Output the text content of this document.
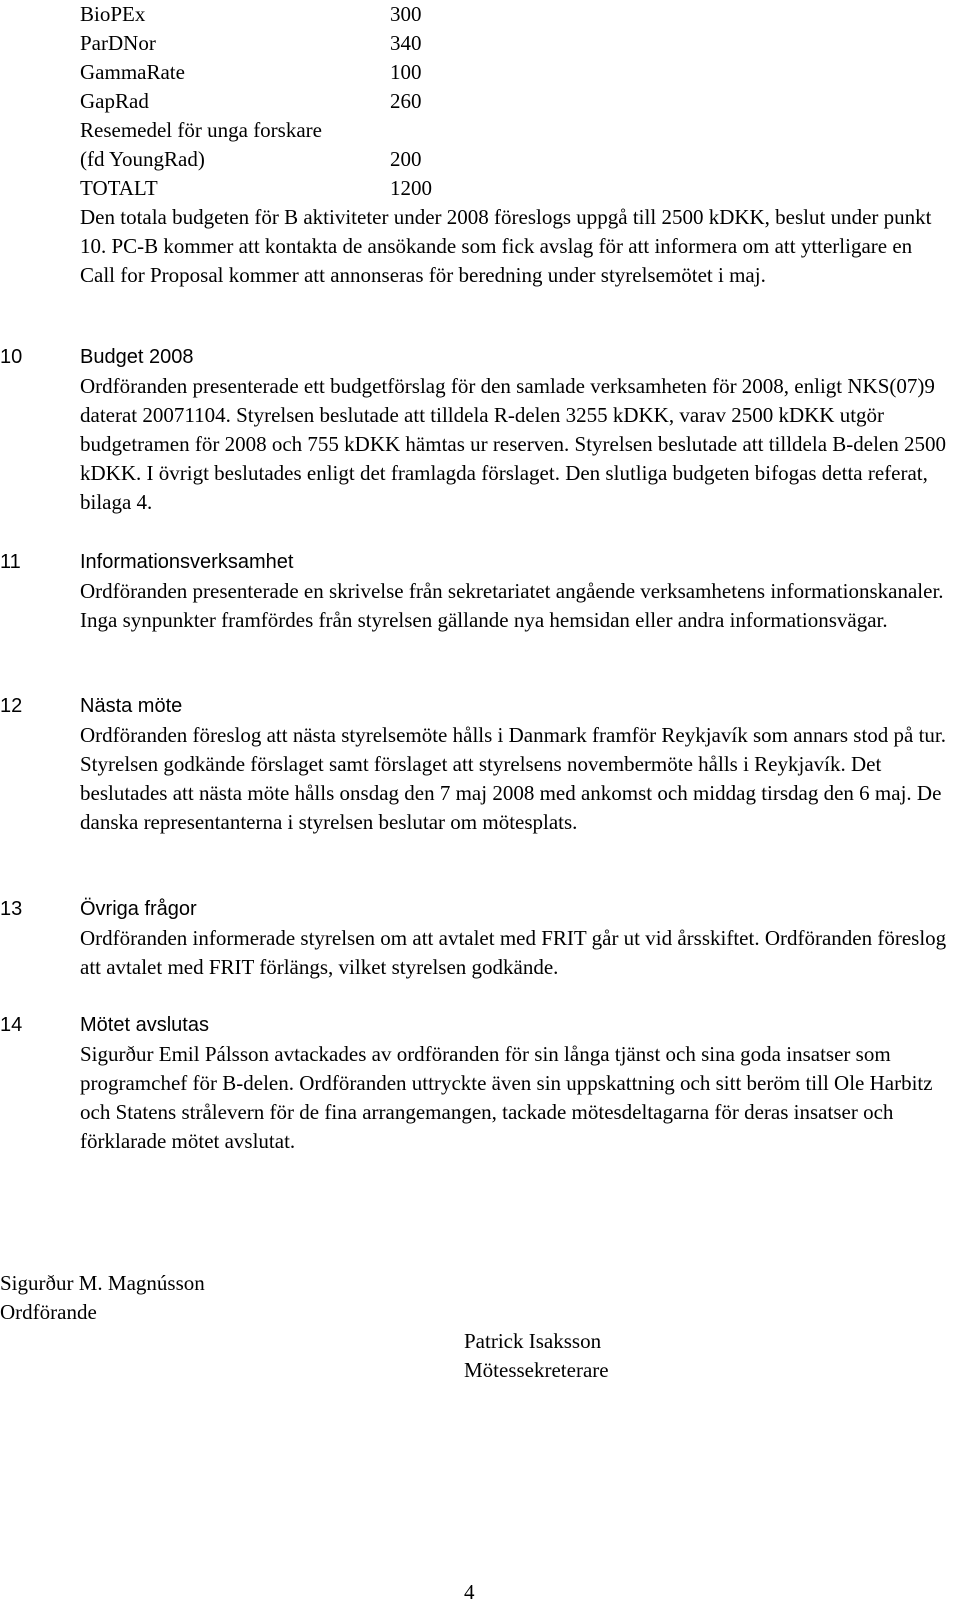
BioPEx	300
ParDNor	340
GammaRate	100
GapRad	260
Resemedel för unga forskare
(fd YoungRad)	200
TOTALT	1200

Den totala budgeten för B aktiviteter under 2008 föreslogs uppgå till 2500 kDKK, beslut under punkt 10. PC-B kommer att kontakta de ansökande som fick avslag för att informera om att ytterligare en Call for Proposal kommer att annonseras för beredning under styrelsemötet i maj.

10	Budget 2008

Ordföranden presenterade ett budgetförslag för den samlade verksamheten för 2008, enligt NKS(07)9 daterat 20071104. Styrelsen beslutade att tilldela R-delen 3255 kDKK, varav 2500 kDKK utgör budgetramen för 2008 och 755 kDKK hämtas ur reserven. Styrelsen beslutade att tilldela B-delen 2500 kDKK. I övrigt beslutades enligt det framlagda förslaget. Den slutliga budgeten bifogas detta referat, bilaga 4.

11	Informationsverksamhet

Ordföranden presenterade en skrivelse från sekretariatet angående verksamhetens informationskanaler. Inga synpunkter framfördes från styrelsen gällande nya hemsidan eller andra informationsvägar.

12	Nästa möte

Ordföranden föreslog att nästa styrelsemöte hålls i Danmark framför Reykjavík som annars stod på tur. Styrelsen godkände förslaget samt förslaget att styrelsens novembermöte hålls i Reykjavík. Det beslutades att nästa möte hålls onsdag den 7 maj 2008 med ankomst och middag tirsdag den 6 maj. De danska representanterna i styrelsen beslutar om mötesplats.

13	Övriga frågor

Ordföranden informerade styrelsen om att avtalet med FRIT går ut vid årsskiftet. Ordföranden föreslog att avtalet med FRIT förlängs, vilket styrelsen godkände.

14	Mötet avslutas

Sigurður Emil Pálsson avtackades av ordföranden för sin långa tjänst och sina goda insatser som programchef för B-delen. Ordföranden uttryckte även sin uppskattning och sitt beröm till Ole Harbitz och Statens strålevern för de fina arrangemangen, tackade mötesdeltagarna för deras insatser och förklarade mötet avslutat.

Sigurður M. Magnússon
Ordförande
Patrick Isaksson
Mötessekreterare
4
